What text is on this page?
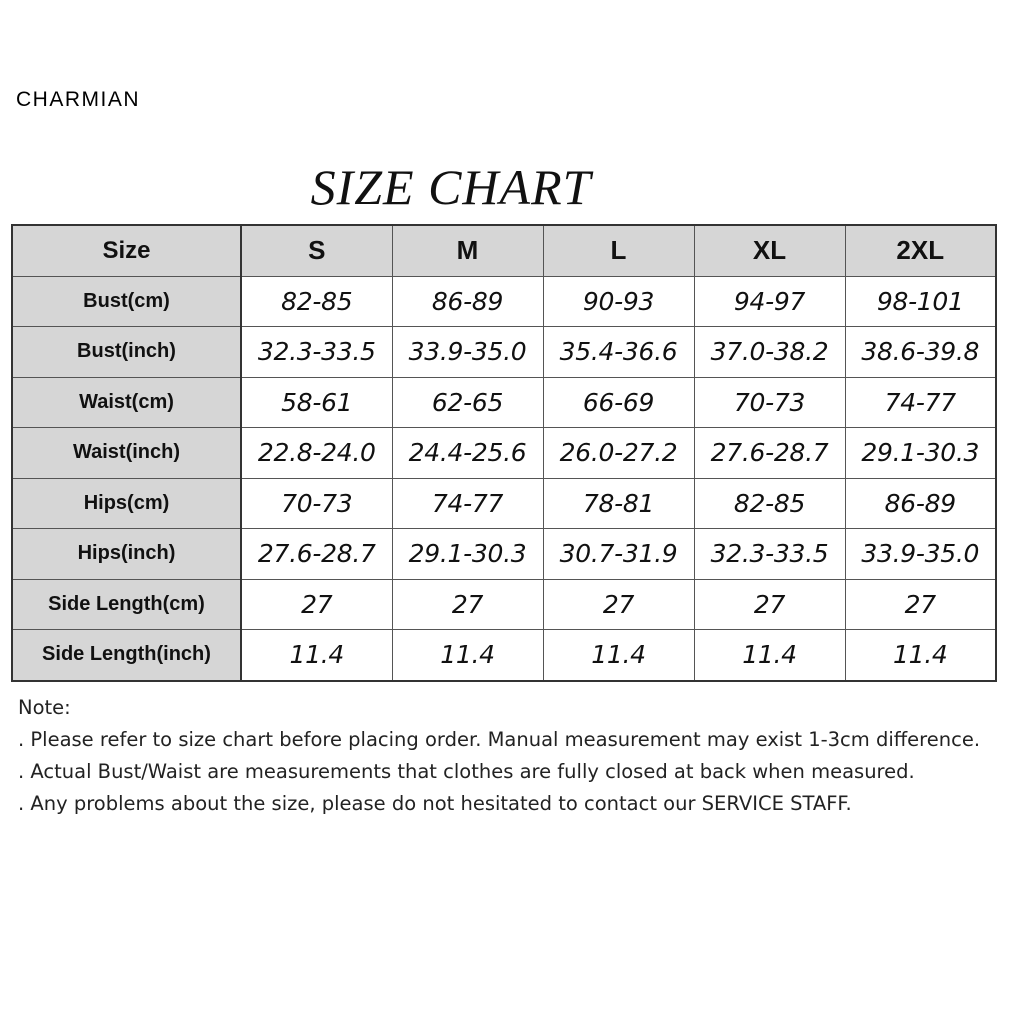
CHARMIAN
SIZE CHART
Size	S	M	L	XL	2XL
Bust(cm)	82-85	86-89	90-93	94-97	98-101
Bust(inch)	32.3-33.5	33.9-35.0	35.4-36.6	37.0-38.2	38.6-39.8
Waist(cm)	58-61	62-65	66-69	70-73	74-77
Waist(inch)	22.8-24.0	24.4-25.6	26.0-27.2	27.6-28.7	29.1-30.3
Hips(cm)	70-73	74-77	78-81	82-85	86-89
Hips(inch)	27.6-28.7	29.1-30.3	30.7-31.9	32.3-33.5	33.9-35.0
Side Length(cm)	27	27	27	27	27
Side Length(inch)	11.4	11.4	11.4	11.4	11.4

Note:

. Please refer to size chart before placing order. Manual measurement may exist 1-3cm difference.

. Actual Bust/Waist are measurements that clothes are fully closed at back when measured.

. Any problems about the size, please do not hesitated to contact our SERVICE STAFF.
